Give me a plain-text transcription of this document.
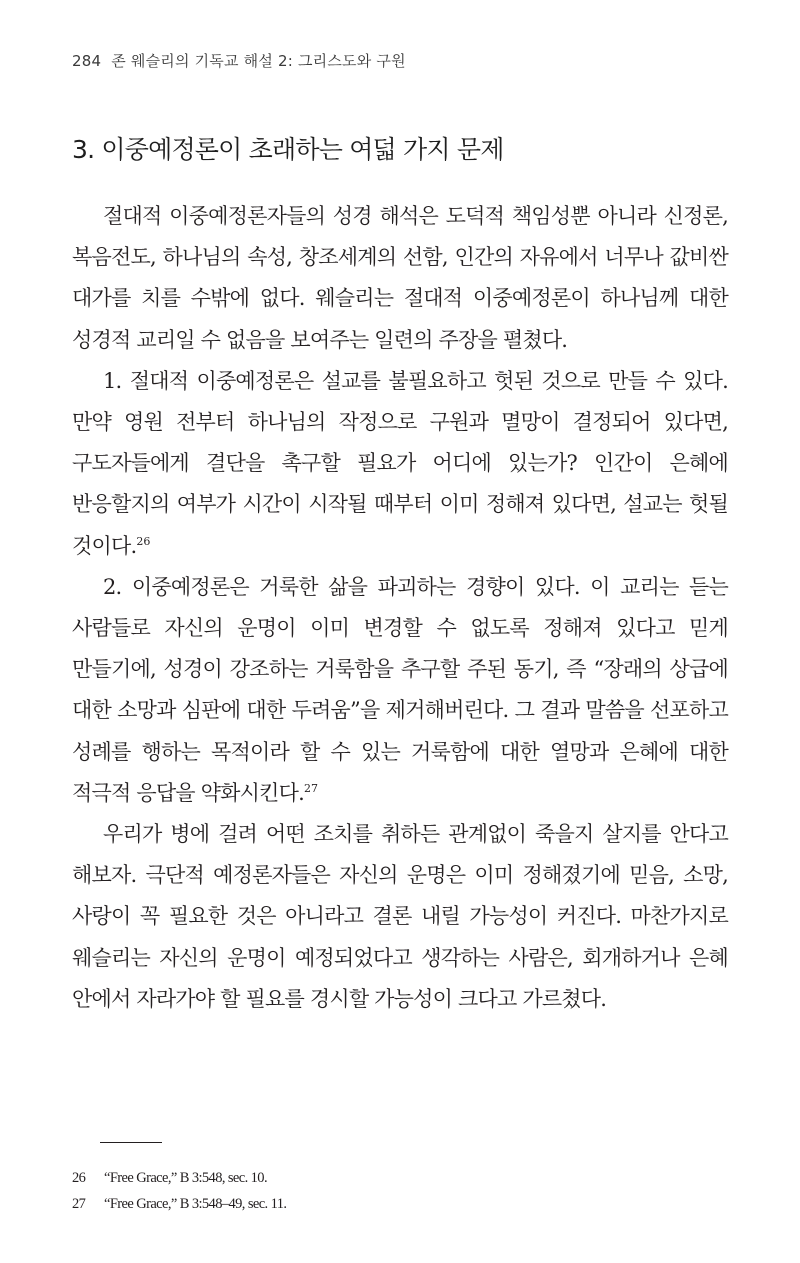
284 존 웨슬리의 기독교 해설 2: 그리스도와 구원
3. 이중예정론이 초래하는 여덟 가지 문제

절대적 이중예정론자들의 성경 해석은 도덕적 책임성뿐 아니라 신정론, 복음전도, 하나님의 속성, 창조세계의 선함, 인간의 자유에서 너무나 값비싼 대가를 치를 수밖에 없다. 웨슬리는 절대적 이중예정론이 하나님께 대한 성경적 교리일 수 없음을 보여주는 일련의 주장을 펼쳤다.

1. 절대적 이중예정론은 설교를 불필요하고 헛된 것으로 만들 수 있다. 만약 영원 전부터 하나님의 작정으로 구원과 멸망이 결정되어 있다면, 구도자들에게 결단을 촉구할 필요가 어디에 있는가? 인간이 은혜에 반응할지의 여부가 시간이 시작될 때부터 이미 정해져 있다면, 설교는 헛될 것이다.$^{26}$

2. 이중예정론은 거룩한 삶을 파괴하는 경향이 있다. 이 교리는 듣는 사람들로 자신의 운명이 이미 변경할 수 없도록 정해져 있다고 믿게 만들기에, 성경이 강조하는 거룩함을 추구할 주된 동기, 즉 “장래의 상급에 대한 소망과 심판에 대한 두려움”을 제거해버린다. 그 결과 말씀을 선포하고 성례를 행하는 목적이라 할 수 있는 거룩함에 대한 열망과 은혜에 대한 적극적 응답을 약화시킨다.$^{27}$

우리가 병에 걸려 어떤 조치를 취하든 관계없이 죽을지 살지를 안다고 해보자. 극단적 예정론자들은 자신의 운명은 이미 정해졌기에 믿음, 소망, 사랑이 꼭 필요한 것은 아니라고 결론 내릴 가능성이 커진다. 마찬가지로 웨슬리는 자신의 운명이 예정되었다고 생각하는 사람은, 회개하거나 은혜 안에서 자라가야 할 필요를 경시할 가능성이 크다고 가르쳤다.

26 “Free Grace,” B 3:548, sec. 10.
27 “Free Grace,” B 3:548–49, sec. 11.
